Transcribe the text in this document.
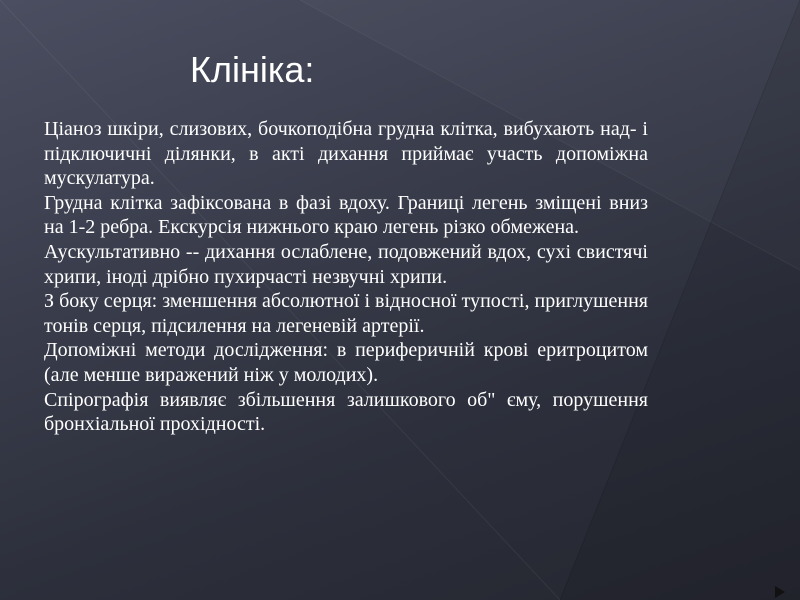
Клініка:

Ціаноз шкіри, слизових, бочкоподібна грудна клітка, вибухають над- і підключичні ділянки, в акті дихання приймає участь допоміжна мускулатура.

Грудна клітка зафіксована в фазі вдоху. Границі легень зміщені вниз на 1-2 ребра. Екскурсія нижнього краю легень різко обмежена.

Аускультативно -- дихання ослаблене, подовжений вдох, сухі свистячі хрипи, іноді дрібно пухирчасті незвучні хрипи.

З боку серця: зменшення абсолютної і відносної тупості, приглушення тонів серця, підсилення на легеневій артерії.

Допоміжні методи дослідження: в периферичній крові еритроцитом (але менше виражений ніж у молодих).

Спірографія виявляє збільшення залишкового об" єму, порушення бронхіальної прохідності.
